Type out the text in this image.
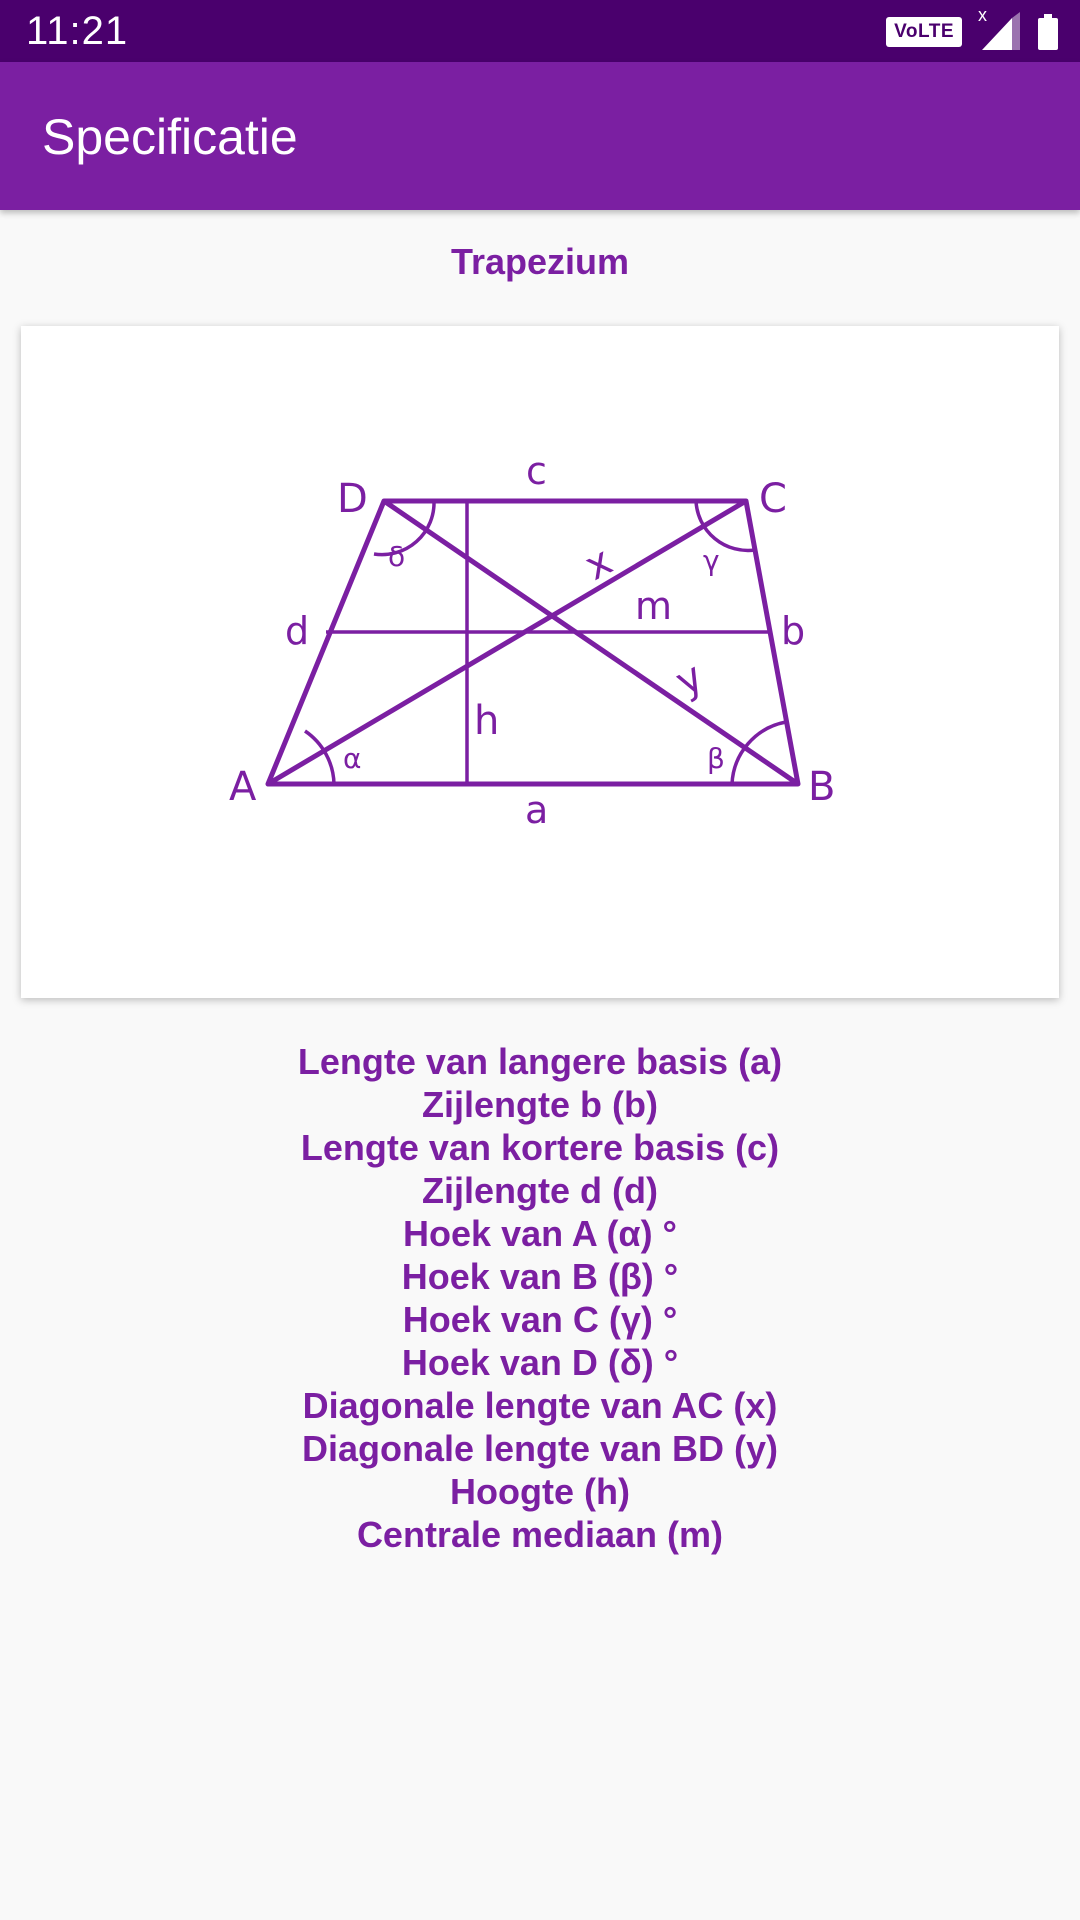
11:21	VoLTE
x
Specificatie
Trapezium
A	B
C
D
a
b
c
d
α	β
γ
δ	x
y
h
m
Lengte van langere basis (a)
Zijlengte b (b)
Lengte van kortere basis (c)
Zijlengte d (d)
Hoek van A (α) °
Hoek van B (β) °
Hoek van C (γ) °
Hoek van D (δ) °
Diagonale lengte van AC (x)
Diagonale lengte van BD (y)
Hoogte (h)
Centrale mediaan (m)
